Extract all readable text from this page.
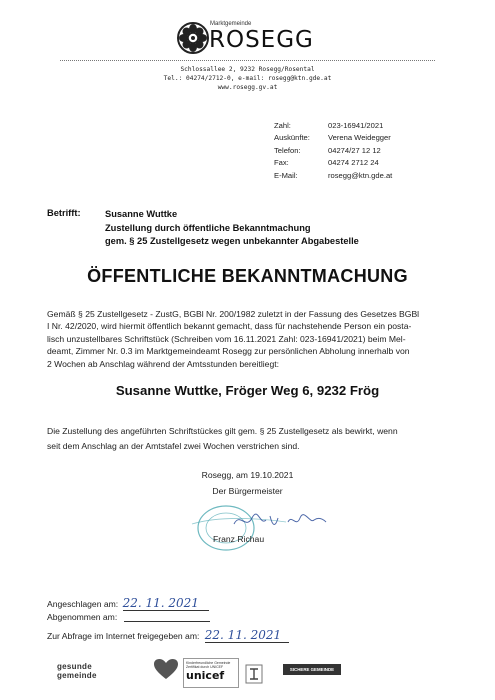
Marktgemeinde
ROSEGG
Schlossallee 2, 9232 Rosegg/Rosental
Tel.: 04274/2712-0, e-mail: rosegg@ktn.gde.at
www.rosegg.gv.at
Zahl:	023-16941/2021
Auskünfte: Verena Weidegger
Telefon:	04274/27 12 12
Fax:	04274 2712 24
E-Mail:	rosegg@ktn.gde.at
Betrifft:	Susanne Wuttke
Zustellung durch öffentliche Bekanntmachung
gem. § 25 Zustellgesetz wegen unbekannter Abgabestelle
ÖFFENTLICHE BEKANNTMACHUNG
Gemäß § 25 Zustellgesetz - ZustG, BGBl Nr. 200/1982 zuletzt in der Fassung des Gesetzes BGBl
I Nr. 42/2020, wird hiermit öffentlich bekannt gemacht, dass für nachstehende Person ein posta-
lisch unzustellbares Schriftstück (Schreiben vom 16.11.2021 Zahl: 023-16941/2021) beim Mel-
deamt, Zimmer Nr. 0.3 im Marktgemeindeamt Rosegg zur persönlichen Abholung innerhalb von
2 Wochen ab Anschlag während der Amtsstunden bereitliegt:
Susanne Wuttke, Fröger Weg 6, 9232 Frög
Die Zustellung des angeführten Schriftstückes gilt gem. § 25 Zustellgesetz als bewirkt, wenn
seit dem Anschlag an der Amtstafel zwei Wochen verstrichen sind.
Rosegg, am 19.10.2021
Der Bürgermeister
Franz Richau
Angeschlagen am: 22. 11. 2021
Abgenommen am:
Zur Abfrage im Internet freigegeben am: 22. 11. 2021
gesunde
gemeinde
Kinderfreundliche Gemeinde Zertifikat durch UNICEF
unicef	SICHERE GEMEINDE
